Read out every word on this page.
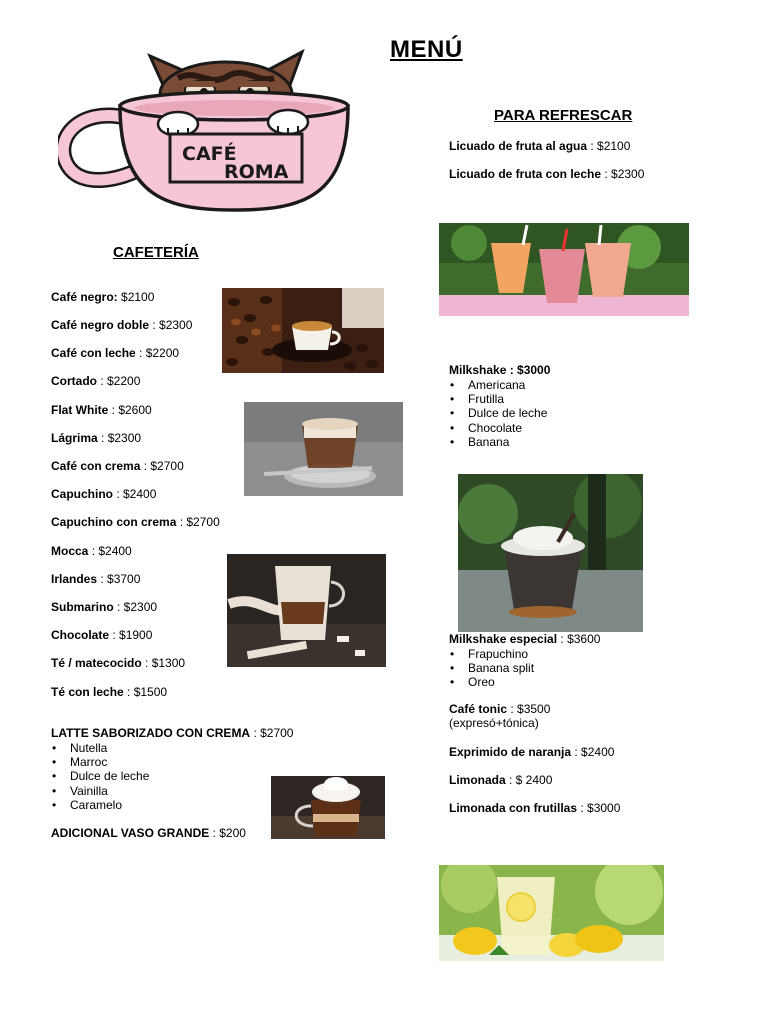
MENÚ
CAFÉ
ROMA
CAFETERÍA
Café negro: $2100
Café negro doble : $2300
Café con leche : $2200
Cortado : $2200
Flat White : $2600
Lágrima : $2300
Café con crema : $2700
Capuchino : $2400
Capuchino con crema : $2700
Mocca : $2400
Irlandes : $3700
Submarino : $2300
Chocolate : $1900
Té / matecocido : $1300
Té con leche : $1500
LATTE SABORIZADO CON CREMA : $2700
• Nutella
• Marroc
• Dulce de leche
• Vainilla
• Caramelo
ADICIONAL VASO GRANDE : $200
PARA REFRESCAR
Licuado de fruta al agua : $2100
Licuado de fruta con leche : $2300
Milkshake : $3000
• Americana
• Frutilla
• Dulce de leche
• Chocolate
• Banana
Milkshake especial : $3600
• Frapuchino
• Banana split
• Oreo
Café tonic : $3500
(expresó+tónica)
Exprimido de naranja : $2400
Limonada : $ 2400
Limonada con frutillas : $3000
